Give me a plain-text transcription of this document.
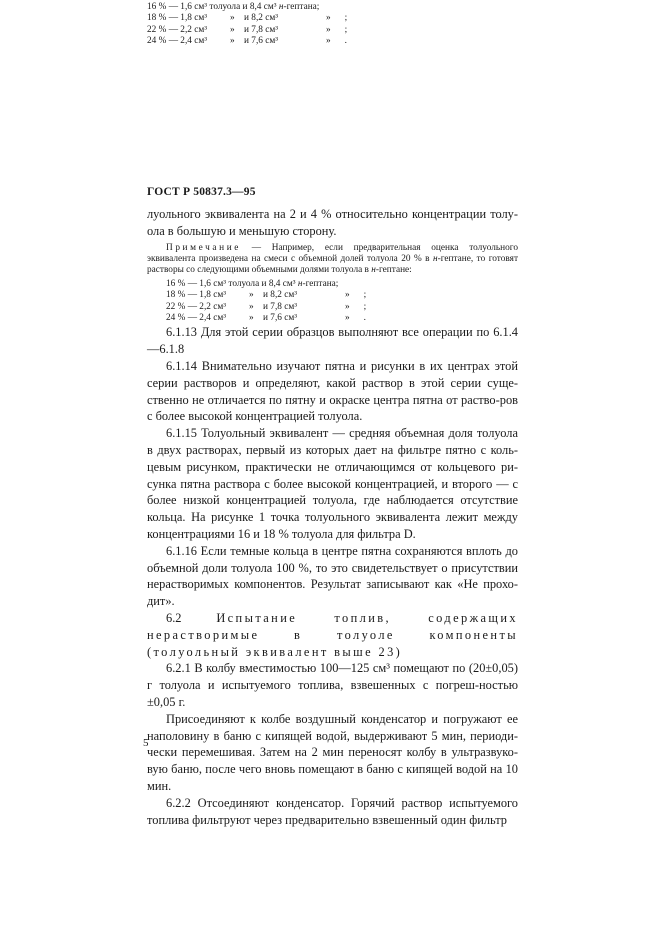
16 % — 1,6 см³ толуола и 8,4 см³ н-гептана;
18 % — 1,8 см³ » и 8,2 см³	» ;
22 % — 2,2 см³ » и 7,8 см³	» ;
24 % — 2,4 см³ » и 7,6 см³	» .
ГОСТ Р 50837.3—95

луольного эквивалента на 2 и 4 % относительно концентрации толу-ола в большую и меньшую сторону.

Примечание — Например, если предварительная оценка толуольного эквивалента произведена на смеси с объемной долей толуола 20 % в н-гептане, то готовят растворы со следующими объемными долями толуола в н-гептане:
16 % — 1,6 см³ толуола и 8,4 см³ н-гептана;
18 % — 1,8 см³ » и 8,2 см³	» ;
22 % — 2,2 см³ » и 7,8 см³	» ;
24 % — 2,4 см³ » и 7,6 см³	» .

6.1.13 Для этой серии образцов выполняют все операции по 6.1.4—6.1.8

6.1.14 Внимательно изучают пятна и рисунки в их центрах этой серии растворов и определяют, какой раствор в этой серии суще-ственно не отличается по пятну и окраске центра пятна от раство-ров с более высокой концентрацией толуола.

6.1.15 Толуольный эквивалент — средняя объемная доля толуола в двух растворах, первый из которых дает на фильтре пятно с коль-цевым рисунком, практически не отличающимся от кольцевого ри-сунка пятна раствора с более высокой концентрацией, и второго — с более низкой концентрацией толуола, где наблюдается отсутствие кольца. На рисунке 1 точка толуольного эквивалента лежит между концентрациями 16 и 18 % толуола для фильтра D.

6.1.16 Если темные кольца в центре пятна сохраняются вплоть до объемной доли толуола 100 %, то это свидетельствует о присутствии нерастворимых компонентов. Результат записывают как «Не прохо-дит».

6.2 Испытание топлив, содержащих нерастворимые в толуоле компоненты (толуольный эквивалент выше 23)

6.2.1 В колбу вместимостью 100—125 см³ помещают по (20±0,05) г толуола и испытуемого топлива, взвешенных с погреш-ностью ±0,05 г.

Присоединяют к колбе воздушный конденсатор и погружают ее наполовину в баню с кипящей водой, выдерживают 5 мин, периоди-чески перемешивая. Затем на 2 мин переносят колбу в ультразвуко-вую баню, после чего вновь помещают в баню с кипящей водой на 10 мин.

6.2.2 Отсоединяют конденсатор. Горячий раствор испытуемого топлива фильтруют через предварительно взвешенный один фильтр

5
